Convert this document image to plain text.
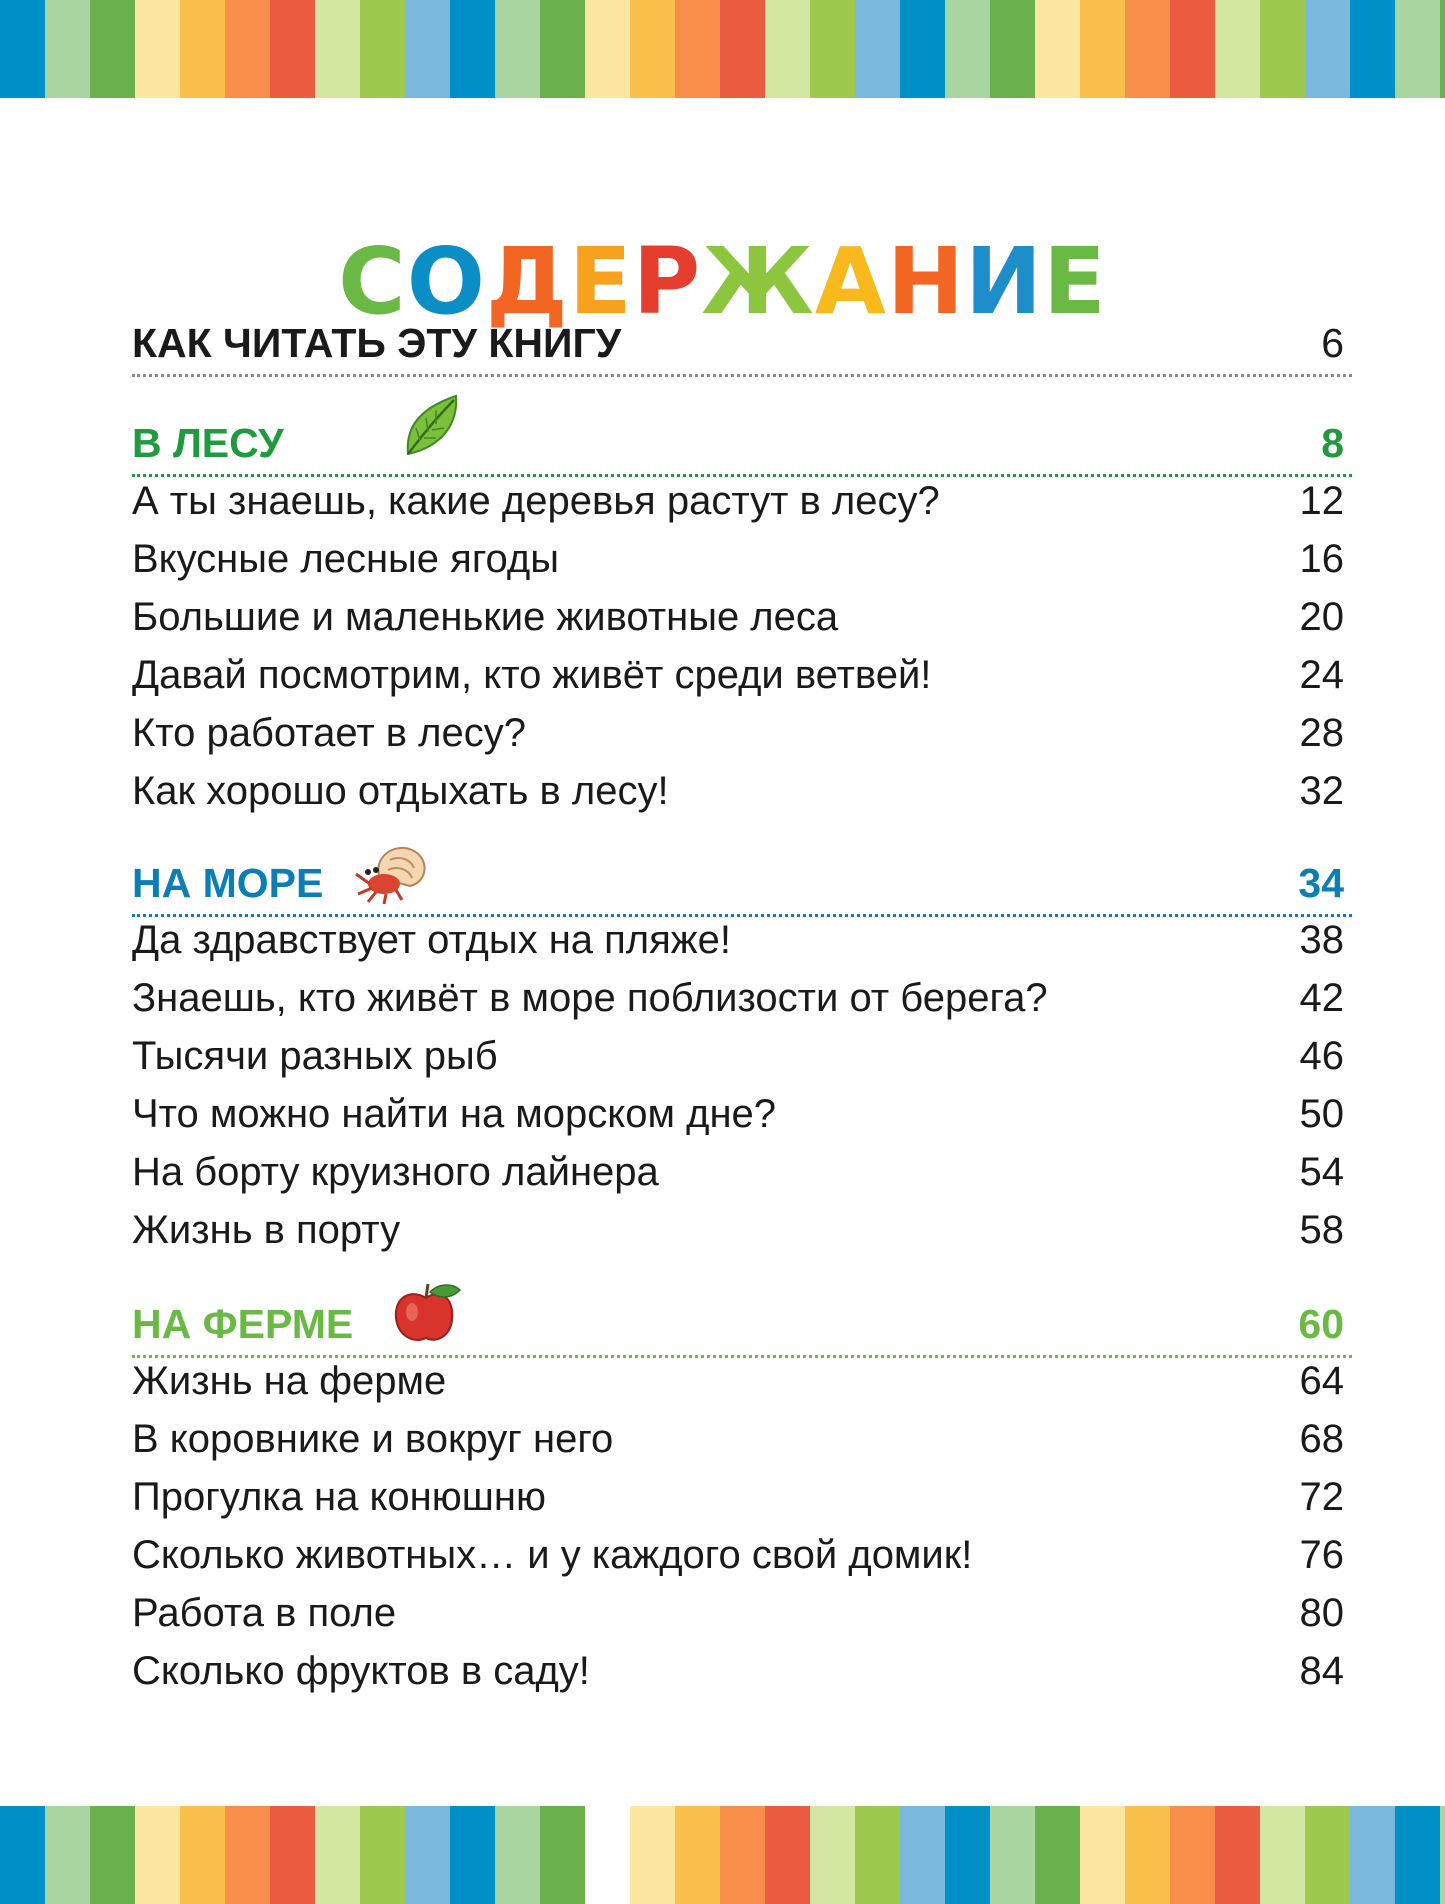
СОДЕРЖАНИЕ
КАК ЧИТАТЬ ЭТУ КНИГУ	6
В ЛЕСУ	8
А ты знаешь, какие деревья растут в лесу?	12
Вкусные лесные ягоды	16
Большие и маленькие животные леса	20
Давай посмотрим, кто живёт среди ветвей!	24
Кто работает в лесу?	28
Как хорошо отдыхать в лесу!	32
НА МОРЕ	34
Да здравствует отдых на пляже!	38
Знаешь, кто живёт в море поблизости от берега?	42
Тысячи разных рыб	46
Что можно найти на морском дне?	50
На борту круизного лайнера	54
Жизнь в порту	58
НА ФЕРМЕ	60
Жизнь на ферме	64
В коровнике и вокруг него	68
Прогулка на конюшню	72
Сколько животных… и у каждого свой домик!	76
Работа в поле	80
Сколько фруктов в саду!	84
